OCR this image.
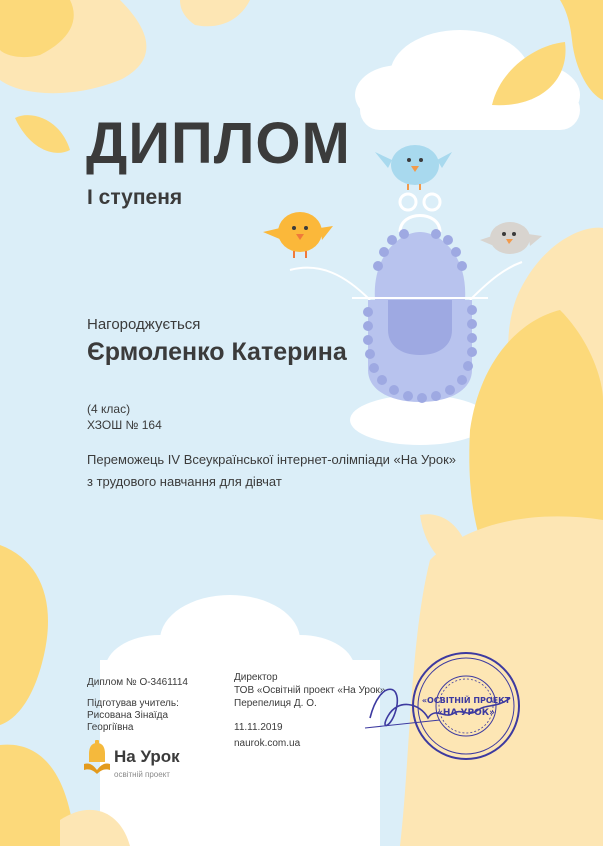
ДИПЛОМ
І ступеня
Нагороджується
Єрмоленко Катерина
(4 клас)
ХЗОШ № 164
Переможець IV Всеукраїнської інтернет-олімпіади «На Урок»
з трудового навчання для дівчат
Диплом № О-3461114
Підготував учитель:
Рисована Зінаїда
Георгіївна
Директор
ТОВ «Освітній проект «На Урок»
Перепелиця Д. О.
11.11.2019
naurok.com.ua
На Урок
освітній проект
«ОСВІТНІЙ ПРОЕКТ
«НА УРОК»
